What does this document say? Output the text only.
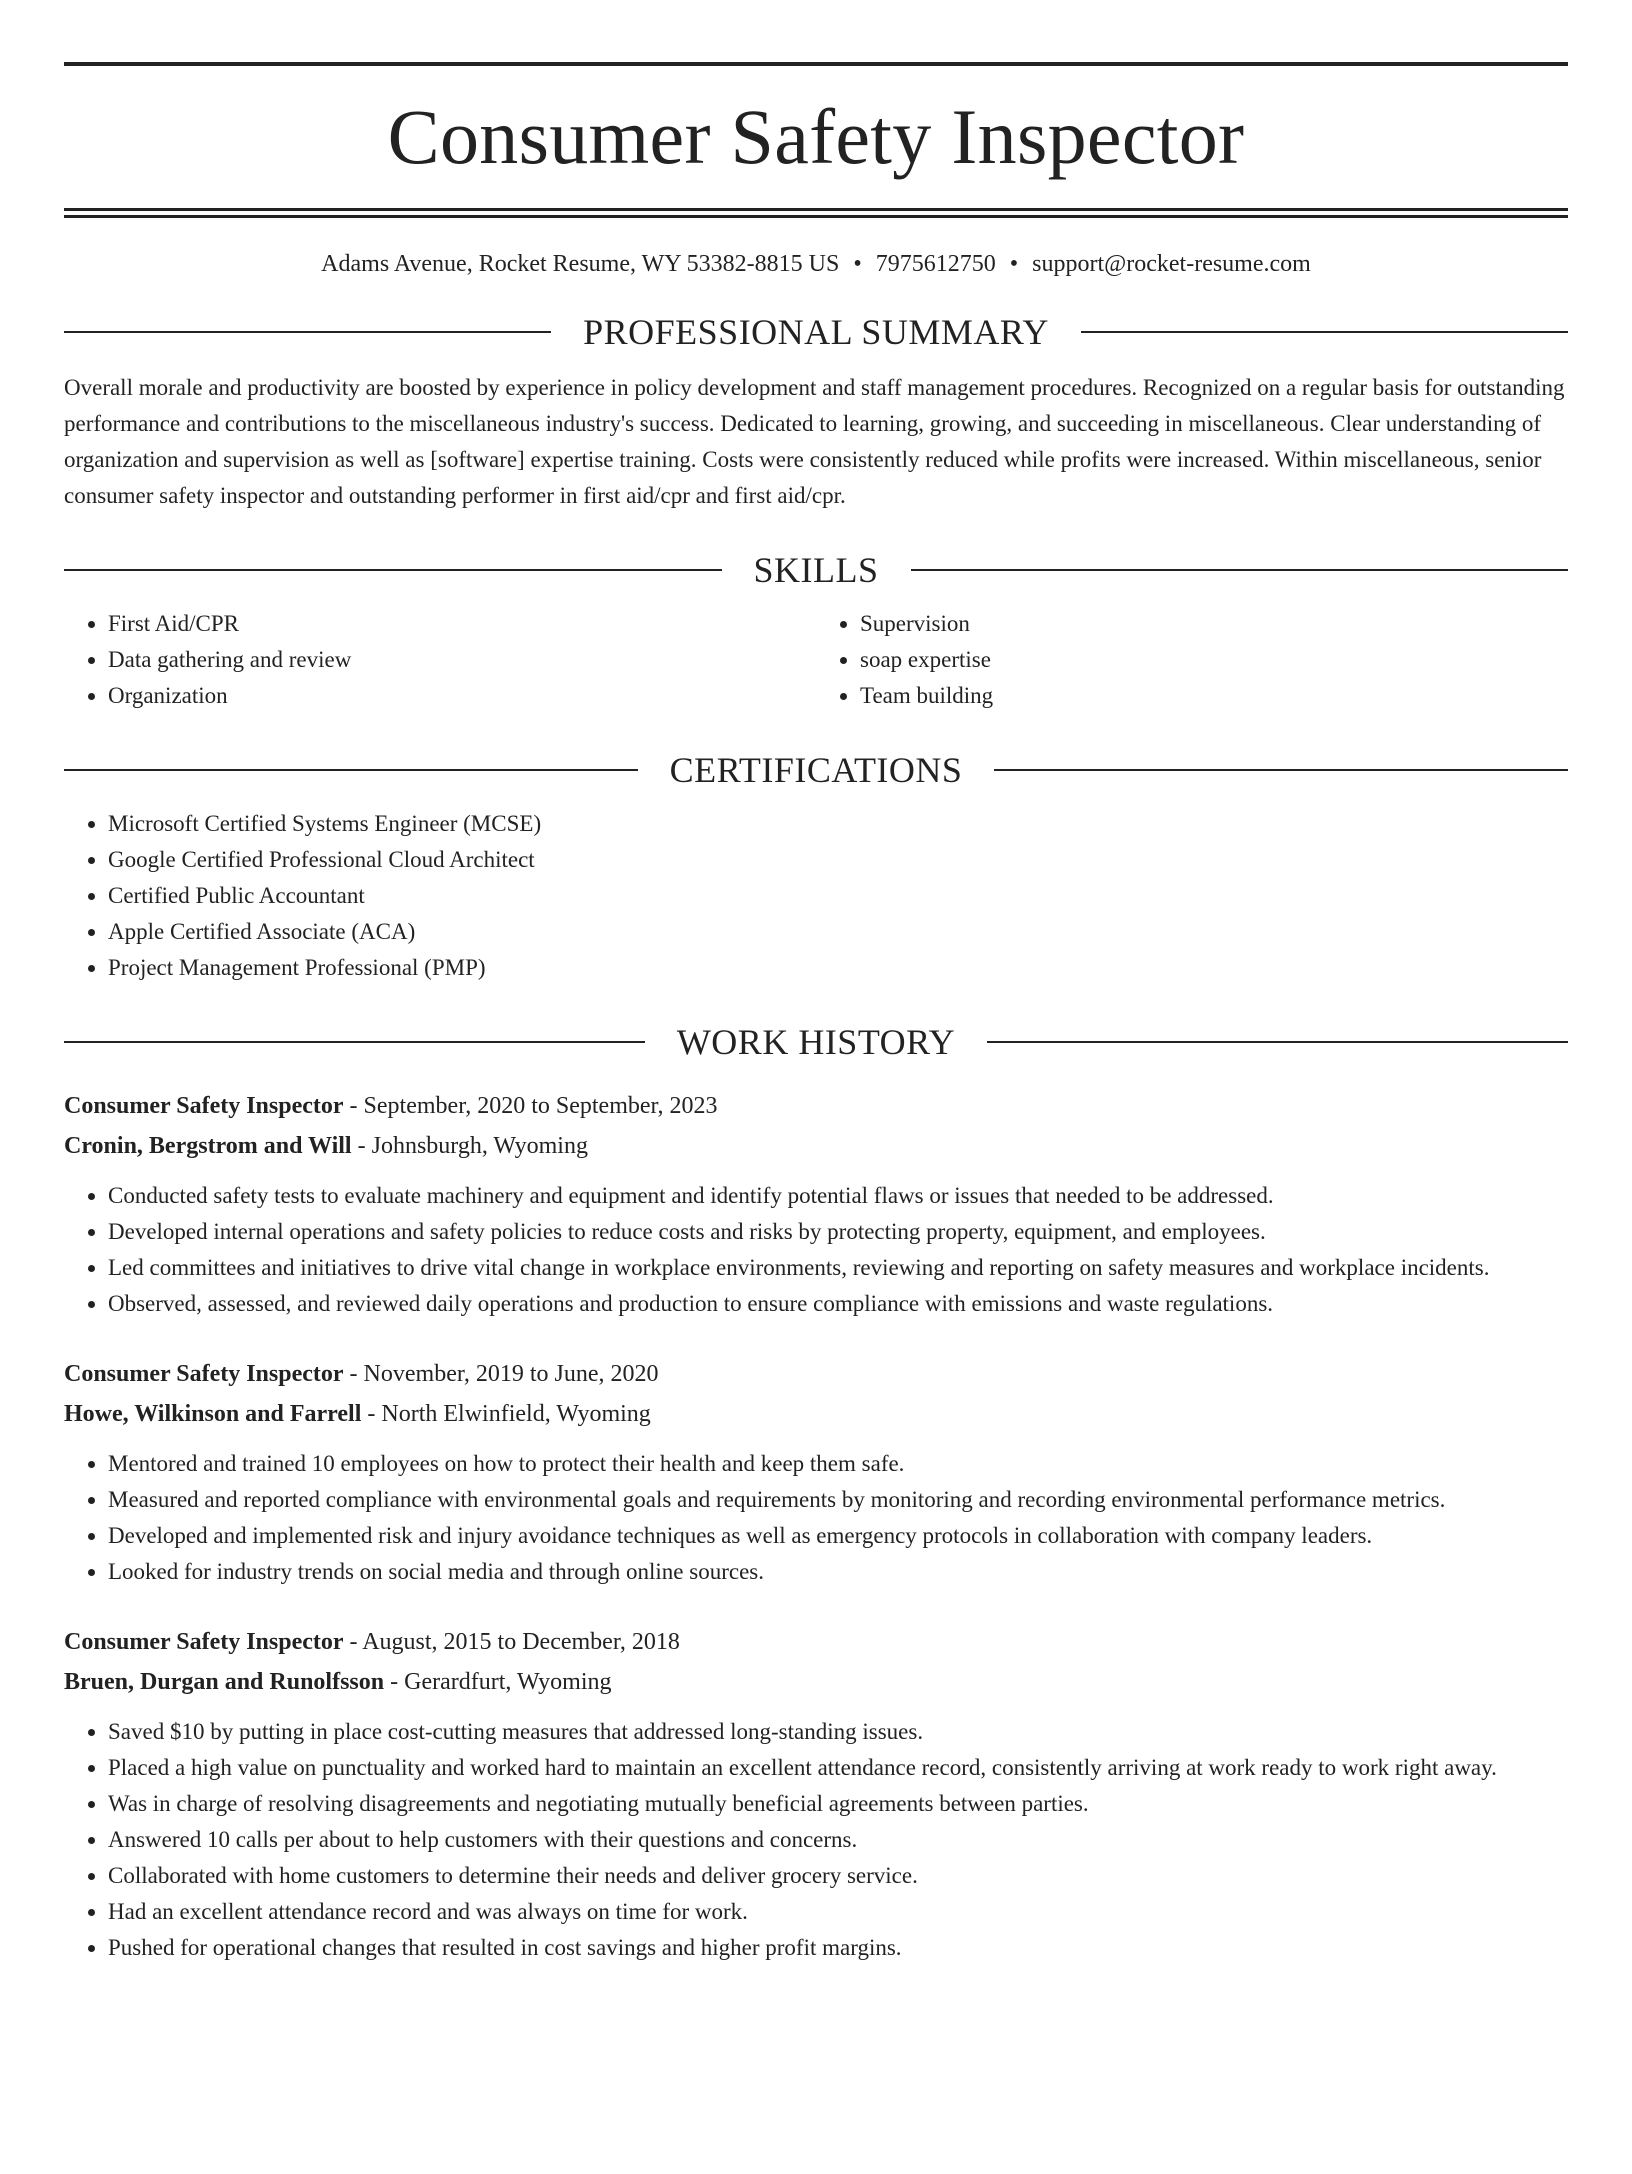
Consumer Safety Inspector
Adams Avenue, Rocket Resume, WY 53382-8815 US • 7975612750 • support@rocket-resume.com
PROFESSIONAL SUMMARY
Overall morale and productivity are boosted by experience in policy development and staff management procedures. Recognized on a regular basis for outstanding performance and contributions to the miscellaneous industry's success. Dedicated to learning, growing, and succeeding in miscellaneous. Clear understanding of organization and supervision as well as [software] expertise training. Costs were consistently reduced while profits were increased. Within miscellaneous, senior consumer safety inspector and outstanding performer in first aid/cpr and first aid/cpr.
SKILLS
• First Aid/CPR
• Data gathering and review
• Organization
• Supervision
• soap expertise
• Team building
CERTIFICATIONS
• Microsoft Certified Systems Engineer (MCSE)
• Google Certified Professional Cloud Architect
• Certified Public Accountant
• Apple Certified Associate (ACA)
• Project Management Professional (PMP)
WORK HISTORY
Consumer Safety Inspector - September, 2020 to September, 2023
Cronin, Bergstrom and Will - Johnsburgh, Wyoming
• Conducted safety tests to evaluate machinery and equipment and identify potential flaws or issues that needed to be addressed.
• Developed internal operations and safety policies to reduce costs and risks by protecting property, equipment, and employees.
• Led committees and initiatives to drive vital change in workplace environments, reviewing and reporting on safety measures and workplace incidents.
• Observed, assessed, and reviewed daily operations and production to ensure compliance with emissions and waste regulations.
Consumer Safety Inspector - November, 2019 to June, 2020
Howe, Wilkinson and Farrell - North Elwinfield, Wyoming
• Mentored and trained 10 employees on how to protect their health and keep them safe.
• Measured and reported compliance with environmental goals and requirements by monitoring and recording environmental performance metrics.
• Developed and implemented risk and injury avoidance techniques as well as emergency protocols in collaboration with company leaders.
• Looked for industry trends on social media and through online sources.
Consumer Safety Inspector - August, 2015 to December, 2018
Bruen, Durgan and Runolfsson - Gerardfurt, Wyoming
• Saved $10 by putting in place cost-cutting measures that addressed long-standing issues.
• Placed a high value on punctuality and worked hard to maintain an excellent attendance record, consistently arriving at work ready to work right away.
• Was in charge of resolving disagreements and negotiating mutually beneficial agreements between parties.
• Answered 10 calls per about to help customers with their questions and concerns.
• Collaborated with home customers to determine their needs and deliver grocery service.
• Had an excellent attendance record and was always on time for work.
• Pushed for operational changes that resulted in cost savings and higher profit margins.
